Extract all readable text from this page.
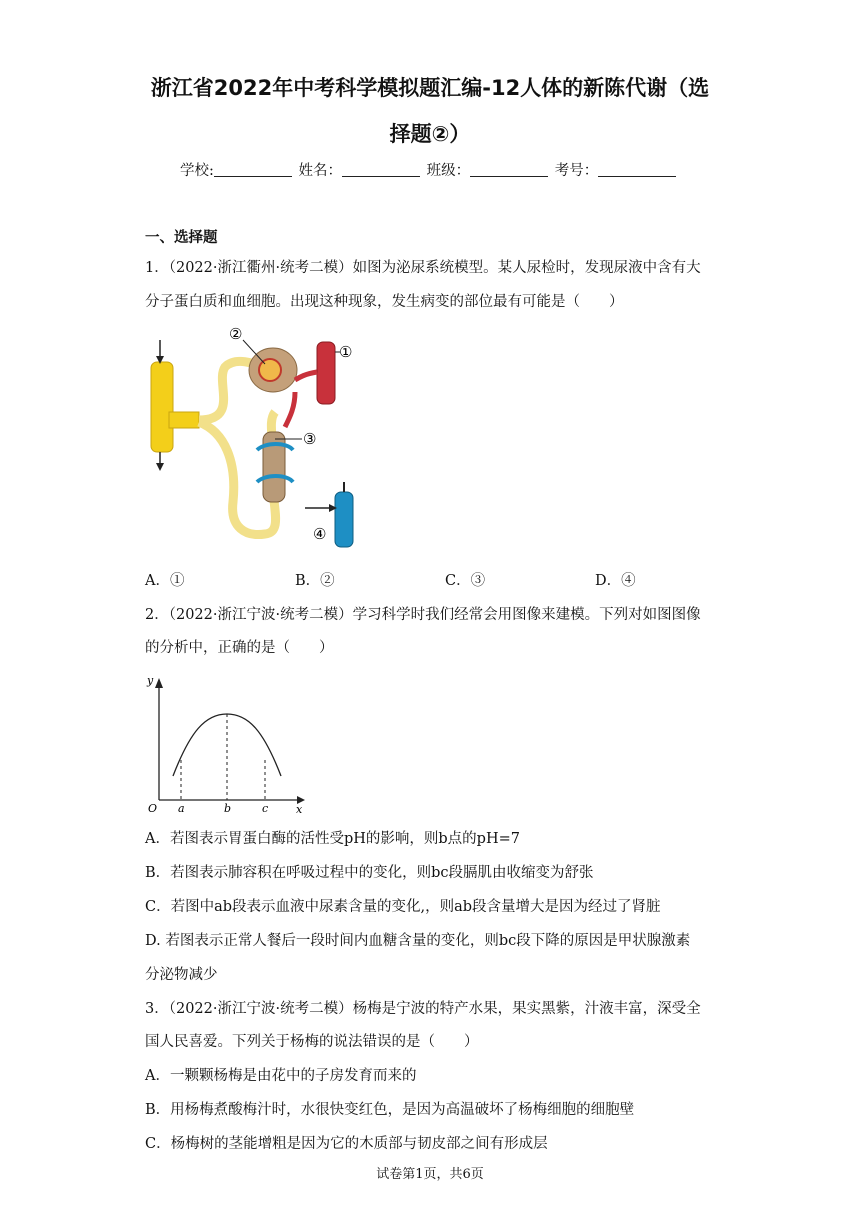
浙江省2022年中考科学模拟题汇编-12人体的新陈代谢（选
择题②）
学校:	姓名：	班级：	考号：
一、选择题
1．（2022·浙江衢州·统考二模）如图为泌尿系统模型。某人尿检时，发现尿液中含有大
分子蛋白质和血细胞。出现这种现象，发生病变的部位最有可能是（　　）
②
①
③
④
A．①	B．②	C．③	D．④
2．（2022·浙江宁波·统考二模）学习科学时我们经常会用图像来建模。下列对如图图像
的分析中，正确的是（　　）
y
x
O a	b	c
A．若图表示胃蛋白酶的活性受pH的影响，则b点的pH=7
B．若图表示肺容积在呼吸过程中的变化，则bc段膈肌由收缩变为舒张
C．若图中ab段表示血液中尿素含量的变化,，则ab段含量增大是因为经过了肾脏
D. 若图表示正常人餐后一段时间内血糖含量的变化，则bc段下降的原因是甲状腺激素
分泌物减少
3．（2022·浙江宁波·统考二模）杨梅是宁波的特产水果，果实黑紫，汁液丰富，深受全
国人民喜爱。下列关于杨梅的说法错误的是（　　）
A．一颗颗杨梅是由花中的子房发育而来的
B．用杨梅煮酸梅汁时，水很快变红色，是因为高温破坏了杨梅细胞的细胞壁
C．杨梅树的茎能增粗是因为它的木质部与韧皮部之间有形成层
试卷第1页，共6页
